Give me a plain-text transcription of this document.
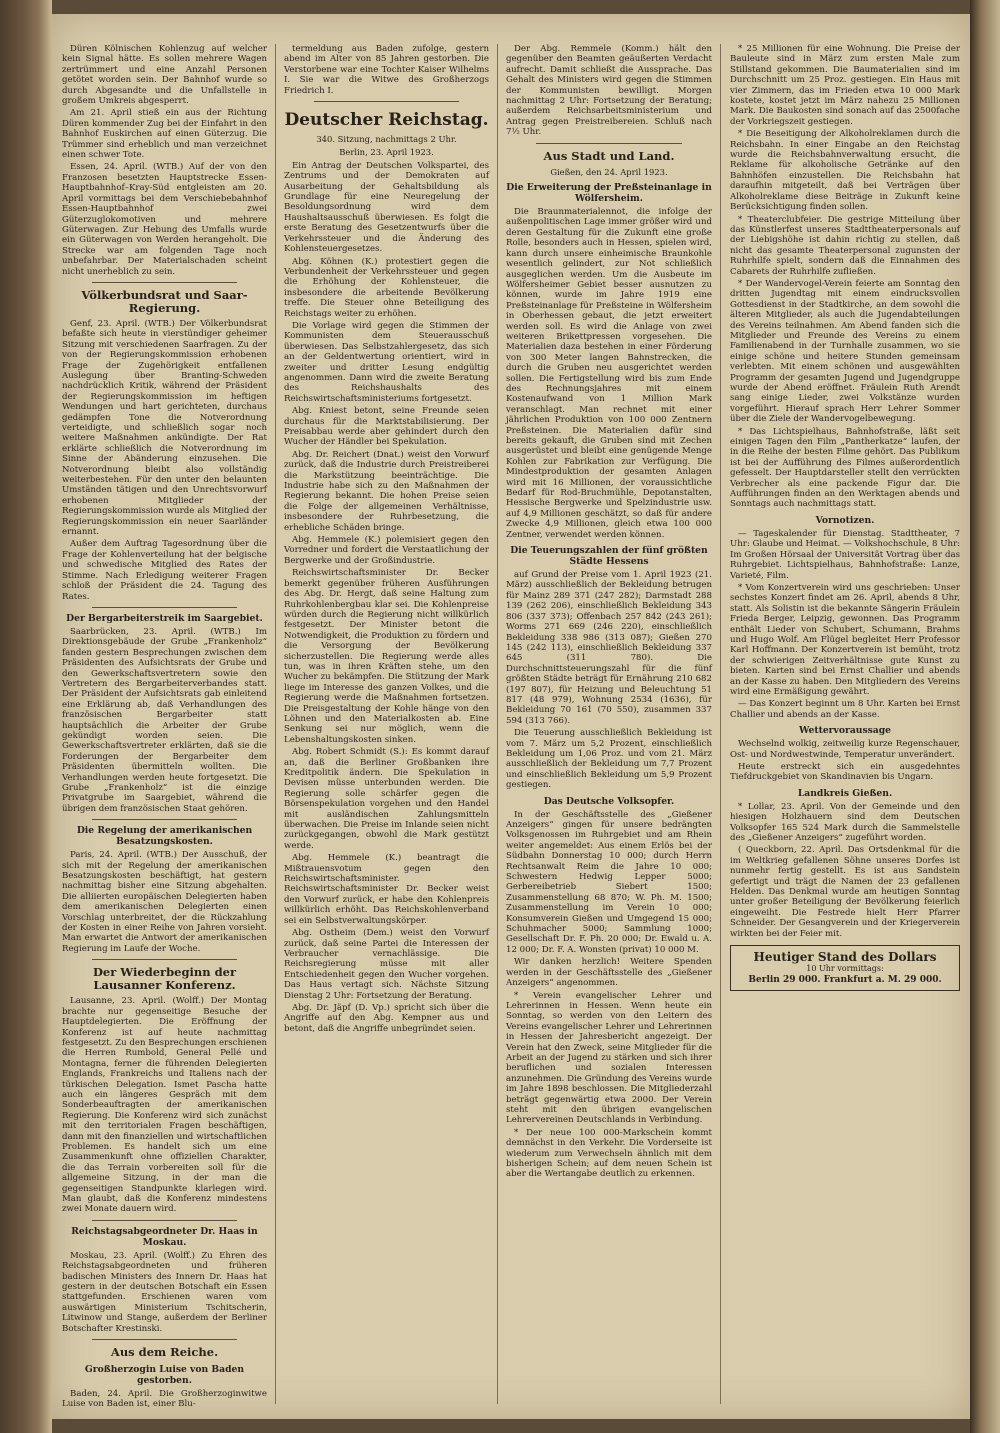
Düren Kölnischen Kohlenzug auf welcher kein Signal hätte. Es sollen mehrere Wagen zertrümmert und eine Anzahl Personen getötet worden sein. Der Bahnhof wurde so durch Abgesandte und die Unfallstelle in großem Umkreis abgesperrt.

Am 21. April stieß ein aus der Richtung Düren kommender Zug bei der Einfahrt in den Bahnhof Euskirchen auf einen Güterzug. Die Trümmer sind erheblich und man verzeichnet einen schwer Tote.

Essen, 24. April. (WTB.) Auf der von den Franzosen besetzten Hauptstrecke Essen-Hauptbahnhof–Kray-Süd entgleisten am 20. April vormittags bei dem Verschiebebahnhof Essen-Hauptbahnhof zwei Güterzuglokomotiven und mehrere Güterwagen. Zur Hebung des Umfalls wurde ein Güterwagen von Werden herangeholt. Die Strecke war am folgenden Tage noch unbefahrbar. Der Materialschaden scheint nicht unerheblich zu sein.

Völkerbundsrat und Saar-Regierung.

Genf, 23. April. (WTB.) Der Völkerbundsrat befaßte sich heute in vierstündiger geheimer Sitzung mit verschiedenen Saarfragen. Zu der von der Regierungskommission erhobenen Frage der Zugehörigkeit entfallenen Auslegung über Branting-Schweden nachdrücklich Kritik, während der Präsident der Regierungskommission im heftigen Wendungen und hart gerichteten, durchaus gedämpfen Tone die Notverordnung verteidigte, und schließlich sogar noch weitere Maßnahmen ankündigte. Der Rat erklärte schließlich die Notverordnung im Sinne der Abänderung einzusehen. Die Notverordnung bleibt also vollständig weiterbestehen. Für den unter den belaunten Umständen tätigen und den Unrechtsvorwurf erhobenen Mitglieder der Regierungskommission wurde als Mitglied der Regierungskommission ein neuer Saarländer ernannt.

Außer dem Auftrag Tagesordnung über die Frage der Kohlenverteilung hat der belgische und schwedische Mitglied des Rates der Stimme. Nach Erledigung weiterer Fragen schloß der Präsident die 24. Tagung des Rates.

Der Bergarbeiterstreik im Saargebiet.

Saarbrücken, 23. April. (WTB.) Im Direktionsgebäude der Grube „Frankenholz“ fanden gestern Besprechungen zwischen dem Präsidenten des Aufsichtsrats der Grube und den Gewerkschaftsvertretern sowie den Vertretern des Bergarbeiterverbandes statt. Der Präsident der Aufsichtsrats gab einleitend eine Erklärung ab, daß Verhandlungen des französischen Bergarbeiter statt hauptsächlich die Arbeiter der Grube gekündigt worden seien. Die Gewerkschaftsvertreter erklärten, daß sie die Forderungen der Bergarbeiter dem Präsidenten übermitteln wollten. Die Verhandlungen werden heute fortgesetzt. Die Grube „Frankenholz“ ist die einzige Privatgrube im Saargebiet, während die übrigen dem französischen Staat gehören.

Die Regelung der amerikanischen Besatzungskosten.

Paris, 24. April. (WTB.) Der Ausschuß, der sich mit der Regelung der amerikanischen Besatzungskosten beschäftigt, hat gestern nachmittag bisher eine Sitzung abgehalten. Die alliierten europäischen Delegierten haben dem amerikanischen Delegierten einen Vorschlag unterbreitet, der die Rückzahlung der Kosten in einer Reihe von Jahren vorsieht. Man erwartet die Antwort der amerikanischen Regierung im Laufe der Woche.

Der Wiederbeginn der Lausanner Konferenz.

Lausanne, 23. April. (Wolff.) Der Montag brachte nur gegenseitige Besuche der Hauptdelegierten. Die Eröffnung der Konferenz ist auf heute nachmittag festgesetzt. Zu den Besprechungen erschienen die Herren Rumbold, General Pellé und Montagna, ferner die führenden Delegierten Englands, Frankreichs und Italiens nach der türkischen Delegation. Ismet Pascha hatte auch ein längeres Gespräch mit dem Sonderbeauftragten der amerikanischen Regierung. Die Konferenz wird sich zunächst mit den territorialen Fragen beschäftigen, dann mit den finanziellen und wirtschaftlichen Problemen. Es handelt sich um eine Zusammenkunft ohne offiziellen Charakter, die das Terrain vorbereiten soll für die allgemeine Sitzung, in der man die gegenseitigen Standpunkte klarlegen wird. Man glaubt, daß die Konferenz mindestens zwei Monate dauern wird.

Reichstagsabgeordneter Dr. Haas in Moskau.

Moskau, 23. April. (Wolff.) Zu Ehren des Reichstagsabgeordneten und früheren badischen Ministers des Innern Dr. Haas hat gestern in der deutschen Botschaft ein Essen stattgefunden. Erschienen waren vom auswärtigen Ministerium Tschitscherin, Litwinow und Stange, außerdem der Berliner Botschafter Krestinski.

Aus dem Reiche.
Großherzogin Luise von Baden gestorben.

Baden, 24. April. Die Großherzoginwitwe Luise von Baden ist, einer Blu-

termeldung aus Baden zufolge, gestern abend im Alter von 85 Jahren gestorben. Die Verstorbene war eine Tochter Kaiser Wilhelms I. Sie war die Witwe des Großherzogs Friedrich I.

Deutscher Reichstag.

340. Sitzung, nachmittags 2 Uhr.

Berlin, 23. April 1923.

Ein Antrag der Deutschen Volkspartei, des Zentrums und der Demokraten auf Ausarbeitung der Gehaltsbildung als Grundlage für eine Neuregelung der Besoldungsordnung wird dem Haushaltsausschuß überwiesen. Es folgt die erste Beratung des Gesetzentwurfs über die Verkehrssteuer und die Änderung des Kohlensteuergesetzes.

Abg. Köhnen (K.) protestiert gegen die Verbundenheit der Verkehrssteuer und gegen die Erhöhung der Kohlensteuer, die insbesondere die arbeitende Bevölkerung treffe. Die Steuer ohne Beteiligung des Reichstags weiter zu erhöhen.

Die Vorlage wird gegen die Stimmen der Kommunisten dem Steuerausschuß überwiesen. Das Selbstzahlergesetz, das sich an der Geldentwertung orientiert, wird in zweiter und dritter Lesung endgültig angenommen. Dann wird die zweite Beratung des Reichshaushalts des Reichswirtschaftsministeriums fortgesetzt.

Abg. Kniest betont, seine Freunde seien durchaus für die Marktstabilisierung. Der Preisabbau werde aber gehindert durch den Wucher der Händler bei Spekulation.

Abg. Dr. Reichert (Dnat.) weist den Vorwurf zurück, daß die Industrie durch Preistreiberei die Markstützung beeinträchtige. Die Industrie habe sich zu den Maßnahmen der Regierung bekannt. Die hohen Preise seien die Folge der allgemeinen Verhältnisse, insbesondere der Ruhrbesetzung, die erhebliche Schäden bringe.

Abg. Hemmele (K.) polemisiert gegen den Vorredner und fordert die Verstaatlichung der Bergwerke und der Großindustrie.

Reichswirtschaftsminister Dr. Becker bemerkt gegenüber früheren Ausführungen des Abg. Dr. Hergt, daß seine Haltung zum Ruhrkohlenbergbau klar sei. Die Kohlenpreise würden durch die Regierung nicht willkürlich festgesetzt. Der Minister betont die Notwendigkeit, die Produktion zu fördern und die Versorgung der Bevölkerung sicherzustellen. Die Regierung werde alles tun, was in ihren Kräften stehe, um den Wucher zu bekämpfen. Die Stützung der Mark liege im Interesse des ganzen Volkes, und die Regierung werde die Maßnahmen fortsetzen. Die Preisgestaltung der Kohle hänge von den Löhnen und den Materialkosten ab. Eine Senkung sei nur möglich, wenn die Lebenshaltungskosten sinken.

Abg. Robert Schmidt (S.): Es kommt darauf an, daß die Berliner Großbanken ihre Kreditpolitik ändern. Die Spekulation in Devisen müsse unterbunden werden. Die Regierung solle schärfer gegen die Börsenspekulation vorgehen und den Handel mit ausländischen Zahlungsmitteln überwachen. Die Preise im Inlande seien nicht zurückgegangen, obwohl die Mark gestützt werde.

Abg. Hemmele (K.) beantragt die Mißtrauensvotum gegen den Reichswirtschaftsminister. Reichswirtschaftsminister Dr. Becker weist den Vorwurf zurück, er habe den Kohlenpreis willkürlich erhöht. Das Reichskohlenverband sei ein Selbstverwaltungskörper.

Abg. Ostheim (Dem.) weist den Vorwurf zurück, daß seine Partei die Interessen der Verbraucher vernachlässige. Die Reichsregierung müsse mit aller Entschiedenheit gegen den Wucher vorgehen. Das Haus vertagt sich. Nächste Sitzung Dienstag 2 Uhr: Fortsetzung der Beratung.

Abg. Dr. Jäpf (D. Vp.) spricht sich über die Angriffe auf den Abg. Kempner aus und betont, daß die Angriffe unbegründet seien.

Der Abg. Remmele (Komm.) hält den gegenüber den Beamten geäußerten Verdacht aufrecht. Damit schließt die Aussprache. Das Gehalt des Ministers wird gegen die Stimmen der Kommunisten bewilligt. Morgen nachmittag 2 Uhr: Fortsetzung der Beratung; außerdem Reichsarbeitsministerium und Antrag gegen Preistreibereien. Schluß nach 7½ Uhr.

Aus Stadt und Land.

Gießen, den 24. April 1923.

Die Erweiterung der Preßsteinanlage in Wölfersheim.

Die Braunmaterialennot, die infolge der außenpolitischen Lage immer größer wird und deren Gestaltung für die Zukunft eine große Rolle, besonders auch in Hessen, spielen wird, kann durch unsere einheimische Braunkohle wesentlich gelindert, zur Not schließlich ausgeglichen werden. Um die Ausbeute im Wölfersheimer Gebiet besser ausnutzen zu können, wurde im Jahre 1919 eine Preßsteinanlage für Preßsteine in Wölfersheim in Oberhessen gebaut, die jetzt erweitert werden soll. Es wird die Anlage von zwei weiteren Brikettpressen vorgesehen. Die Materialien daza bestehen in einer Förderung von 300 Meter langen Bahnstrecken, die durch die Gruben neu ausgerichtet werden sollen. Die Fertigstellung wird bis zum Ende des Rechnungsjahres mit einem Kostenaufwand von 1 Million Mark veranschlagt. Man rechnet mit einer jährlichen Produktion von 100 000 Zentnern Preßsteinen. Die Materialien dafür sind bereits gekauft, die Gruben sind mit Zechen ausgerüstet und bleibt eine genügende Menge Kohlen zur Fabrikation zur Verfügung. Die Mindestproduktion der gesamten Anlagen wird mit 16 Millionen, der voraussichtliche Bedarf für Rod-Bruchmühle, Depotanstalten, Hessische Bergwerke und Spelzindustrie usw. auf 4,9 Millionen geschätzt, so daß für andere Zwecke 4,9 Millionen, gleich etwa 100 000 Zentner, verwendet werden können.

Die Teuerungszahlen der fünf größten Städte Hessens

auf Grund der Preise vom 1. April 1923 (21. März) ausschließlich der Bekleidung betrugen für Mainz 289 371 (247 282); Darmstadt 288 139 (262 206), einschließlich Bekleidung 343 806 (337 373); Offenbach 257 842 (243 261); Worms 271 669 (246 220), einschließlich Bekleidung 338 986 (313 087); Gießen 270 145 (242 113), einschließlich Bekleidung 337 645 (311 780). Die Durchschnittsteuerungszahl für die fünf größten Städte beträgt für Ernährung 210 682 (197 807), für Heizung und Beleuchtung 51 817 (48 979), Wohnung 2534 (1636), für Bekleidung 70 161 (70 550), zusammen 337 594 (313 766).

Die Teuerung ausschließlich Bekleidung ist vom 7. März um 5,2 Prozent, einschließlich Bekleidung um 1,06 Proz. und vom 21. März ausschließlich der Bekleidung um 7,7 Prozent und einschließlich Bekleidung um 5,9 Prozent gestiegen.

Das Deutsche Volksopfer.

In der Geschäftsstelle des „Gießener Anzeigers“ gingen für unsere bedrängten Volksgenossen im Ruhrgebiet und am Rhein weiter angemeldet: Aus einem Erlös bei der Südbahn Donnerstag 10 000; durch Herrn Rechtsanwalt Reim die Jahre 10 000; Schwestern Hedwig Lepper 5000; Gerbereibetrieb Siebert 1500; Zusammenstellung 68 870; W. Ph. M. 1500; Zusammenstellung im Verein 10 000; Konsumverein Gießen und Umgegend 15 000; Schuhmacher 5000; Sammlung 1000; Gesellschaft Dr. F. Ph. 20 000; Dr. Ewald u. A. 12 000; Dr. F. A. Wonsten (privat) 10 000 M.

Wir danken herzlich! Weitere Spenden werden in der Geschäftsstelle des „Gießener Anzeigers“ angenommen.

* Verein evangelischer Lehrer und Lehrerinnen in Hessen. Wenn heute ein Sonntag, so werden von den Leitern des Vereins evangelischer Lehrer und Lehrerinnen in Hessen der Jahresbericht angezeigt. Der Verein hat den Zweck, seine Mitglieder für die Arbeit an der Jugend zu stärken und sich ihrer beruflichen und sozialen Interessen anzunehmen. Die Gründung des Vereins wurde im Jahre 1898 beschlossen. Die Mitgliederzahl beträgt gegenwärtig etwa 2000. Der Verein steht mit den übrigen evangelischen Lehrervereinen Deutschlands in Verbindung.

* Der neue 100 000-Markschein kommt demnächst in den Verkehr. Die Vorderseite ist wiederum zum Verwechseln ähnlich mit dem bisherigen Schein; auf dem neuen Schein ist aber die Wertangabe deutlich zu erkennen.

* 25 Millionen für eine Wohnung. Die Preise der Bauleute sind in März zum ersten Male zum Stillstand gekommen. Die Baumaterialien sind im Durchschnitt um 25 Proz. gestiegen. Ein Haus mit vier Zimmern, das im Frieden etwa 10 000 Mark kostete, kostet jetzt im März nahezu 25 Millionen Mark. Die Baukosten sind sonach auf das 2500fache der Vorkriegszeit gestiegen.

* Die Beseitigung der Alkoholreklamen durch die Reichsbahn. In einer Eingabe an den Reichstag wurde die Reichsbahnverwaltung ersucht, die Reklame für alkoholische Getränke auf den Bahnhöfen einzustellen. Die Reichsbahn hat daraufhin mitgeteilt, daß bei Verträgen über Alkoholreklame diese Beiträge in Zukunft keine Berücksichtigung finden sollen.

* Theaterclubfeier. Die gestrige Mitteilung über das Künstlerfest unseres Stadttheaterpersonals auf der Liebigshöhe ist dahin richtig zu stellen, daß nicht das gesamte Theaterpersonal zugunsten der Ruhrhilfe spielt, sondern daß die Einnahmen des Cabarets der Ruhrhilfe zufließen.

* Der Wandervogel-Verein feierte am Sonntag den dritten Jugendtag mit einem eindrucksvollen Gottesdienst in der Stadtkirche, an dem sowohl die älteren Mitglieder, als auch die Jugendabteilungen des Vereins teilnahmen. Am Abend fanden sich die Mitglieder und Freunde des Vereins zu einem Familienabend in der Turnhalle zusammen, wo sie einige schöne und heitere Stunden gemeinsam verlebten. Mit einem schönen und ausgewählten Programm der gesamten Jugend und Jugendgruppe wurde der Abend eröffnet. Fräulein Ruth Arendt sang einige Lieder, zwei Volkstänze wurden vorgeführt. Hierauf sprach Herr Lehrer Sommer über die Ziele der Wandervogelbewegung.

* Das Lichtspielhaus, Bahnhofstraße, läßt seit einigen Tagen den Film „Pantherkatze“ laufen, der in die Reihe der besten Filme gehört. Das Publikum ist bei der Aufführung des Filmes außerordentlich gefesselt. Der Hauptdarsteller stellt den verrückten Verbrecher als eine packende Figur dar. Die Aufführungen finden an den Werktagen abends und Sonntags auch nachmittags statt.

Vornotizen.

— Tageskalender für Dienstag. Stadttheater, 7 Uhr: Glaube und Heimat. — Volkshochschule, 8 Uhr: Im Großen Hörsaal der Universität Vortrag über das Ruhrgebiet. Lichtspielhaus, Bahnhofstraße: Lanze, Varieté, Film.

* Vom Konzertverein wird uns geschrieben: Unser sechstes Konzert findet am 26. April, abends 8 Uhr, statt. Als Solistin ist die bekannte Sängerin Fräulein Frieda Berger, Leipzig, gewonnen. Das Programm enthält Lieder von Schubert, Schumann, Brahms und Hugo Wolf. Am Flügel begleitet Herr Professor Karl Hoffmann. Der Konzertverein ist bemüht, trotz der schwierigen Zeitverhältnisse gute Kunst zu bieten. Karten sind bei Ernst Challier und abends an der Kasse zu haben. Den Mitgliedern des Vereins wird eine Ermäßigung gewährt.

— Das Konzert beginnt um 8 Uhr. Karten bei Ernst Challier und abends an der Kasse.

Wettervoraussage

Wechselnd wolkig, zeitweilig kurze Regenschauer, Ost- und Nordwestwinde, Temperatur unverändert.

Heute erstreckt sich ein ausgedehntes Tiefdruckgebiet von Skandinavien bis Ungarn.

Landkreis Gießen.

* Lollar, 23. April. Von der Gemeinde und den hiesigen Holzhauern sind dem Deutschen Volksopfer 165 524 Mark durch die Sammelstelle des „Gießener Anzeigers“ zugeführt worden.

( Queckborn, 22. April. Das Ortsdenkmal für die im Weltkrieg gefallenen Söhne unseres Dorfes ist nunmehr fertig gestellt. Es ist aus Sandstein gefertigt und trägt die Namen der 23 gefallenen Helden. Das Denkmal wurde am heutigen Sonntag unter großer Beteiligung der Bevölkerung feierlich eingeweiht. Die Festrede hielt Herr Pfarrer Schneider. Der Gesangverein und der Kriegerverein wirkten bei der Feier mit.

Heutiger Stand des Dollars
10 Uhr vormittags:
Berlin 29 000. Frankfurt a. M. 29 000.
